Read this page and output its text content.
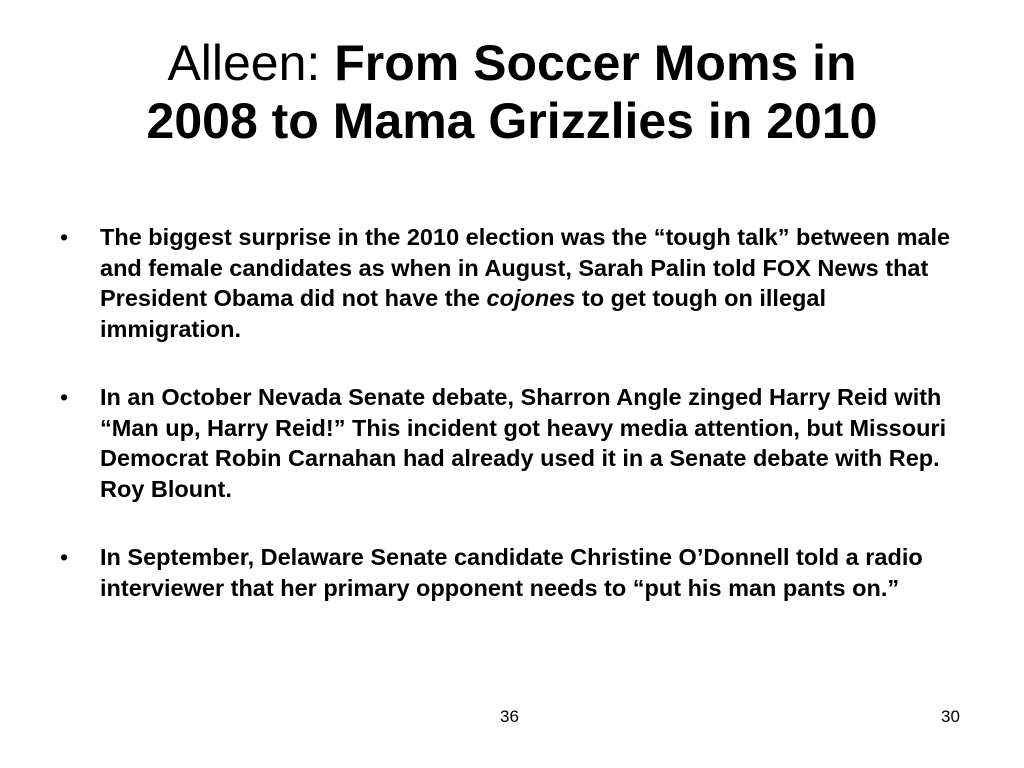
Alleen: From Soccer Moms in
2008 to Mama Grizzlies in 2010
• The biggest surprise in the 2010 election was the “tough talk” between male and female candidates as when in August, Sarah Palin told FOX News that President Obama did not have the cojones to get tough on illegal immigration.
• In an October Nevada Senate debate, Sharron Angle zinged Harry Reid with “Man up, Harry Reid!” This incident got heavy media attention, but Missouri Democrat Robin Carnahan had already used it in a Senate debate with Rep. Roy Blount.
• In September, Delaware Senate candidate Christine O’Donnell told a radio interviewer that her primary opponent needs to “put his man pants on.”
36	30
